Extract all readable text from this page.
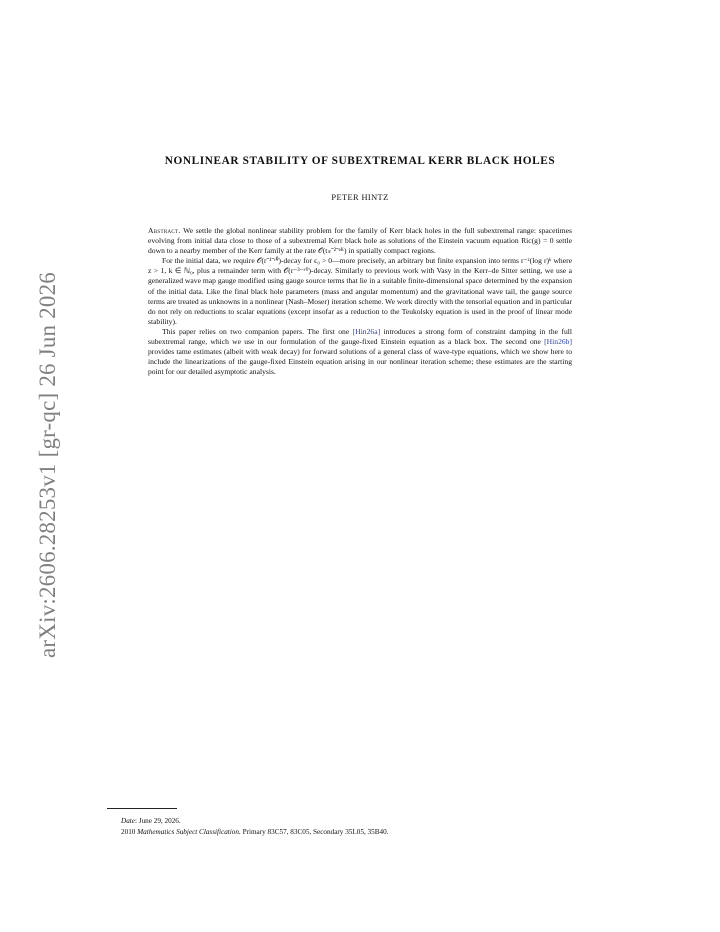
arXiv:2606.28253v1 [gr-qc] 26 Jun 2026
NONLINEAR STABILITY OF SUBEXTREMAL KERR BLACK HOLES
PETER HINTZ

Abstract. We settle the global nonlinear stability problem for the family of Kerr black holes in the full subextremal range: spacetimes evolving from initial data close to those of a subextremal Kerr black hole as solutions of the Einstein vacuum equation Ric(g) = 0 settle down to a nearby member of the Kerr family at the rate 𝒪(t⁎⁻²⁻ᵉᴷ) in spatially compact regions.

For the initial data, we require 𝒪(r⁻¹⁻ᵋ⁰)-decay for ϵ₀ > 0—more precisely, an arbitrary but finite expansion into terms r⁻ᶻ(log r)ᵏ where z > 1, k ∈ ℕ₀, plus a remainder term with 𝒪(r⁻³⁻ᵋ⁰)-decay. Similarly to previous work with Vasy in the Kerr–de Sitter setting, we use a generalized wave map gauge modified using gauge source terms that lie in a suitable finite-dimensional space determined by the expansion of the initial data. Like the final black hole parameters (mass and angular momentum) and the gravitational wave tail, the gauge source terms are treated as unknowns in a nonlinear (Nash–Moser) iteration scheme. We work directly with the tensorial equation and in particular do not rely on reductions to scalar equations (except insofar as a reduction to the Teukolsky equation is used in the proof of linear mode stability).

This paper relies on two companion papers. The first one [Hin26a] introduces a strong form of constraint damping in the full subextremal range, which we use in our formulation of the gauge-fixed Einstein equation as a black box. The second one [Hin26b] provides tame estimates (albeit with weak decay) for forward solutions of a general class of wave-type equations, which we show here to include the linearizations of the gauge-fixed Einstein equation arising in our nonlinear iteration scheme; these estimates are the starting point for our detailed asymptotic analysis.

Date: June 29, 2026.
2010 Mathematics Subject Classification. Primary 83C57, 83C05, Secondary 35L05, 35B40.
